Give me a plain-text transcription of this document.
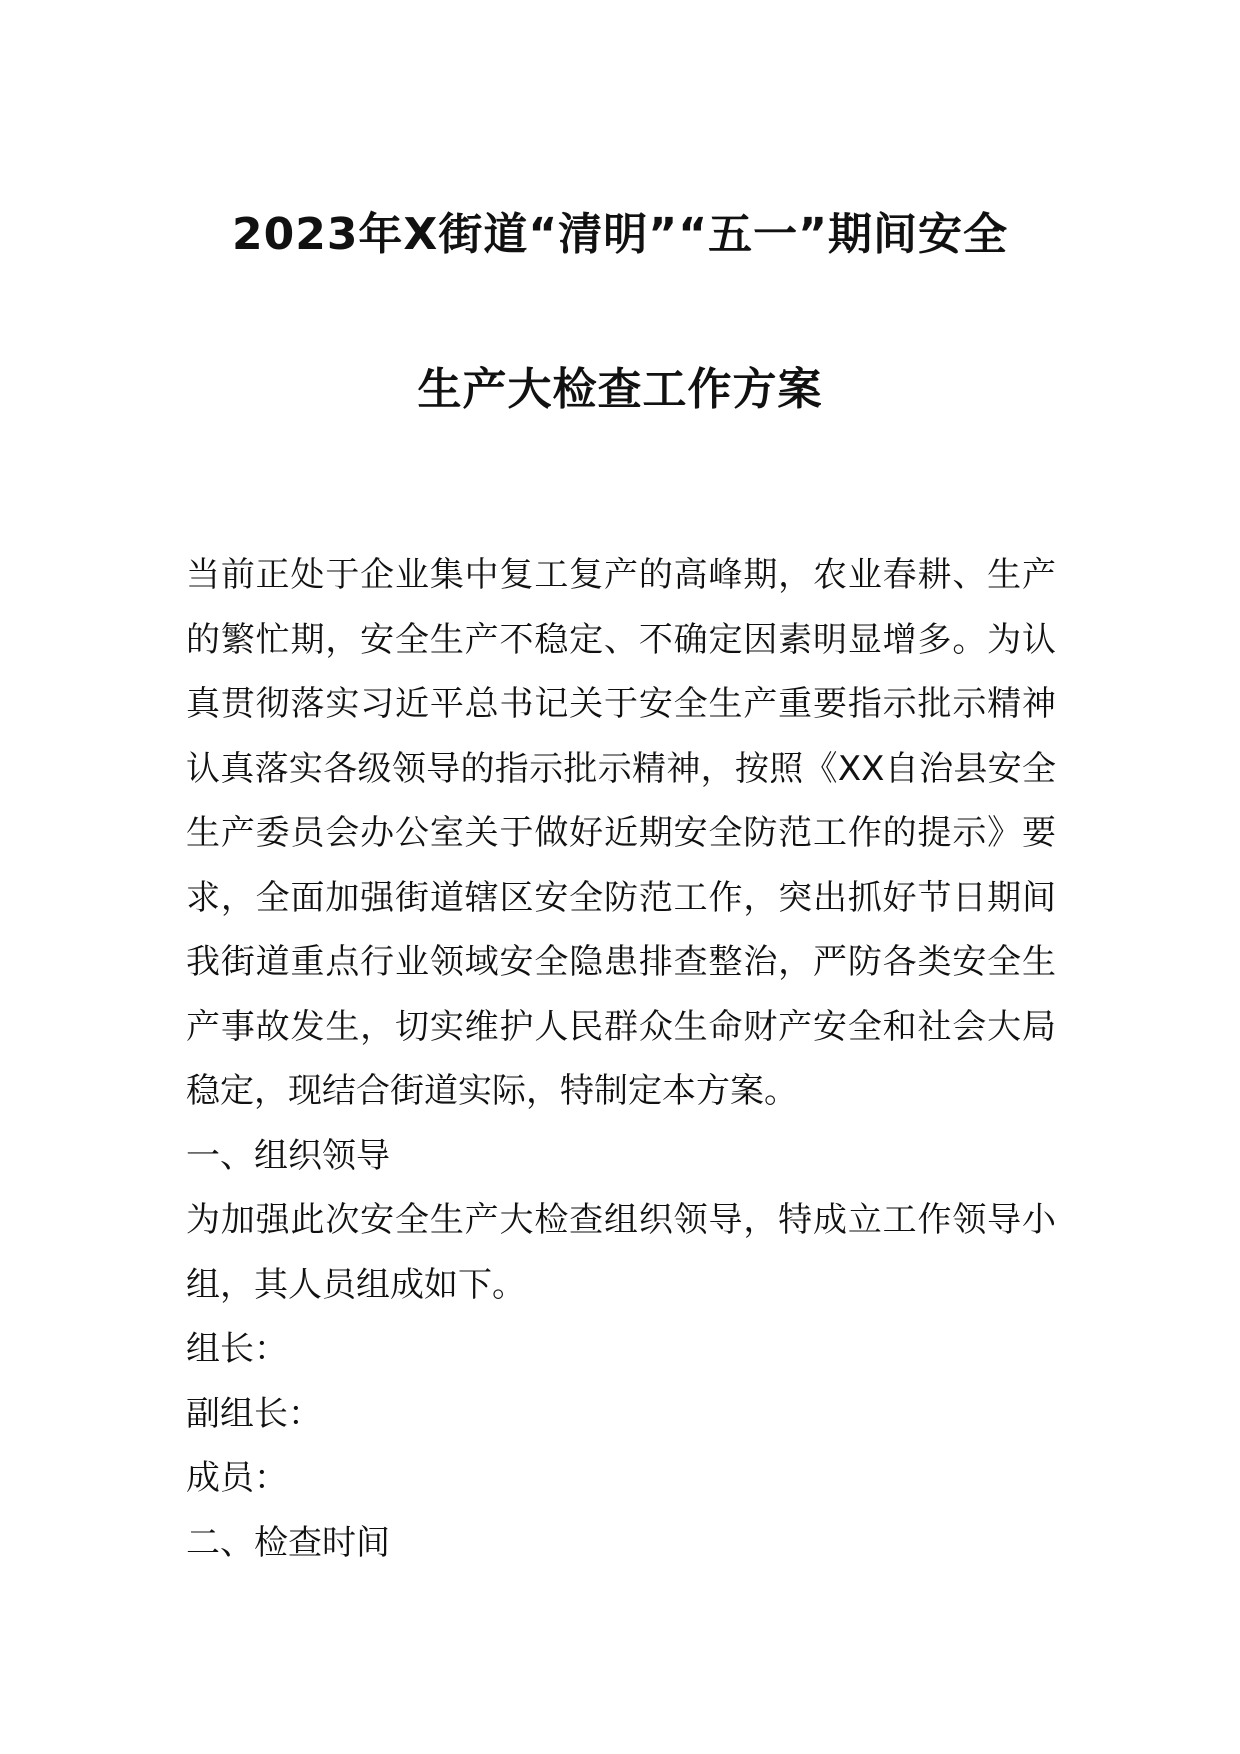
2023年X街道“清明”“五一”期间安全
生产大检查工作方案

当前正处于企业集中复工复产的高峰期，农业春耕、生产的繁忙期，安全生产不稳定、不确定因素明显增多。为认真贯彻落实习近平总书记关于安全生产重要指示批示精神认真落实各级领导的指示批示精神，按照《XX自治县安全生产委员会办公室关于做好近期安全防范工作的提示》要求，全面加强街道辖区安全防范工作，突出抓好节日期间我街道重点行业领域安全隐患排查整治，严防各类安全生产事故发生，切实维护人民群众生命财产安全和社会大局稳定，现结合街道实际，特制定本方案。

一、组织领导

为加强此次安全生产大检查组织领导，特成立工作领导小组，其人员组成如下。

组长：

副组长：

成员：

二、检查时间
